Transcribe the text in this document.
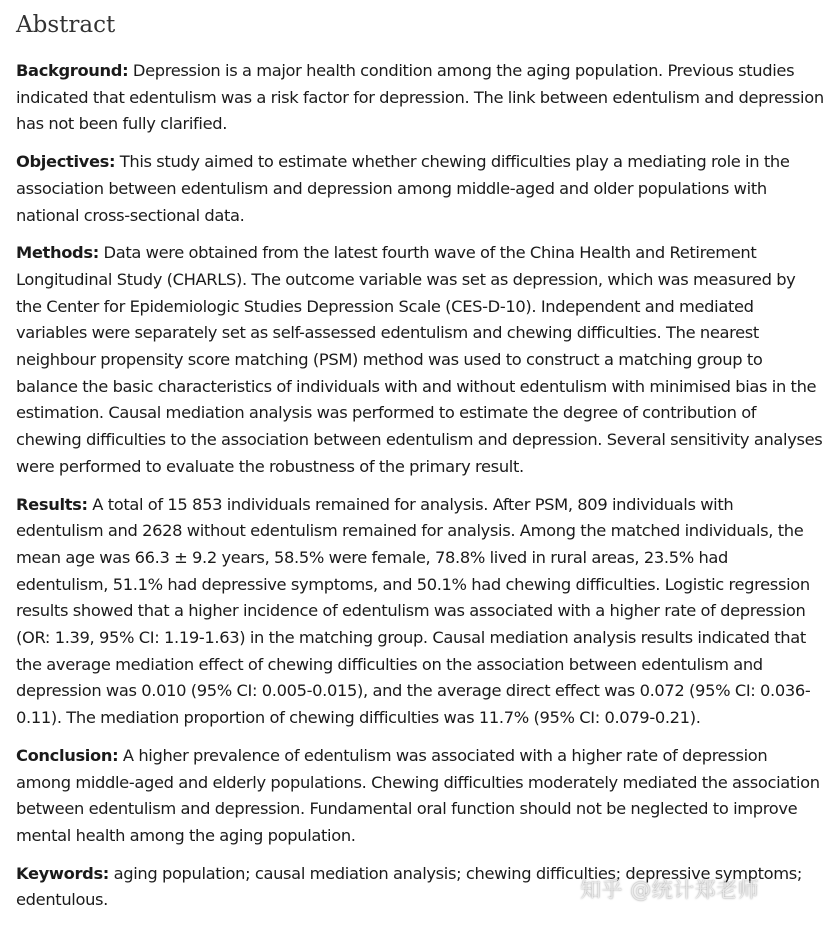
Abstract

Background: Depression is a major health condition among the aging population. Previous studies indicated that edentulism was a risk factor for depression. The link between edentulism and depression has not been fully clarified.

Objectives: This study aimed to estimate whether chewing difficulties play a mediating role in the association between edentulism and depression among middle-aged and older populations with national cross-sectional data.

Methods: Data were obtained from the latest fourth wave of the China Health and Retirement Longitudinal Study (CHARLS). The outcome variable was set as depression, which was measured by the Center for Epidemiologic Studies Depression Scale (CES-D-10). Independent and mediated variables were separately set as self-assessed edentulism and chewing difficulties. The nearest neighbour propensity score matching (PSM) method was used to construct a matching group to balance the basic characteristics of individuals with and without edentulism with minimised bias in the estimation. Causal mediation analysis was performed to estimate the degree of contribution of chewing difficulties to the association between edentulism and depression. Several sensitivity analyses were performed to evaluate the robustness of the primary result.

Results: A total of 15 853 individuals remained for analysis. After PSM, 809 individuals with edentulism and 2628 without edentulism remained for analysis. Among the matched individuals, the mean age was 66.3 ± 9.2 years, 58.5% were female, 78.8% lived in rural areas, 23.5% had edentulism, 51.1% had depressive symptoms, and 50.1% had chewing difficulties. Logistic regression results showed that a higher incidence of edentulism was associated with a higher rate of depression (OR: 1.39, 95% CI: 1.19-1.63) in the matching group. Causal mediation analysis results indicated that the average mediation effect of chewing difficulties on the association between edentulism and depression was 0.010 (95% CI: 0.005-0.015), and the average direct effect was 0.072 (95% CI: 0.036-0.11). The mediation proportion of chewing difficulties was 11.7% (95% CI: 0.079-0.21).

Conclusion: A higher prevalence of edentulism was associated with a higher rate of depression among middle-aged and elderly populations. Chewing difficulties moderately mediated the association between edentulism and depression. Fundamental oral function should not be neglected to improve mental health among the aging population.

Keywords: aging population; causal mediation analysis; chewing difficulties; depressive symptoms; edentulous.	知乎 @统计郑老师
